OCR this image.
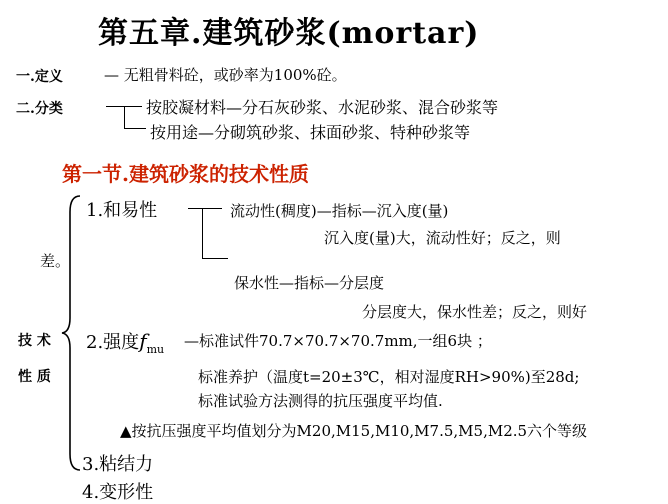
第五章.建筑砂浆(mortar)
一.定义	— 无粗骨料砼，或砂率为100%砼。
二.分类	按胶凝材料—分石灰砂浆、水泥砂浆、混合砂浆等
按用途—分砌筑砂浆、抹面砂浆、特种砂浆等
第一节.建筑砂浆的技术性质
技 术
性 质
1.和易性	流动性(稠度)—指标—沉入度(量)
沉入度(量)大，流动性好；反之，则
差。
保水性—指标—分层度
分层度大，保水性差；反之，则好
2.强度$f_{mu}$ —标准试件70.7×70.7×70.7mm,一组6块 ；
标准养护（温度t=20±3℃，相对湿度RH>90%)至28d;
标准试验方法测得的抗压强度平均值.
▲按抗压强度平均值划分为M20,M15,M10,M7.5,M5,M2.5六个等级
3.粘结力
4.变形性
